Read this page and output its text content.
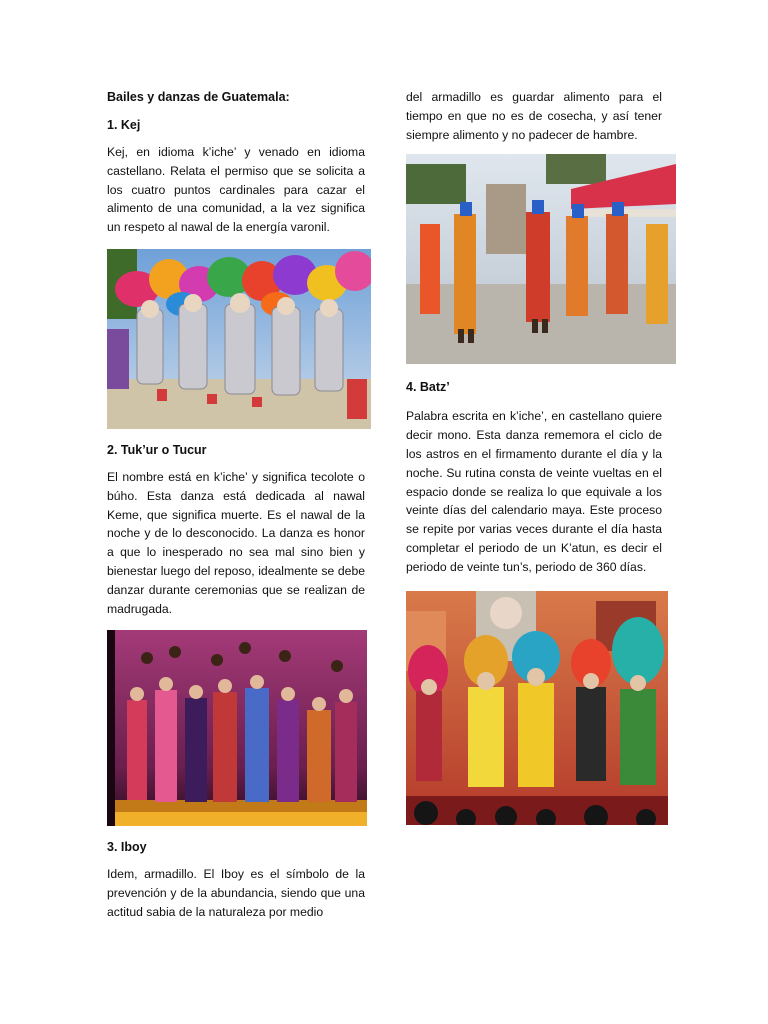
Bailes y danzas de Guatemala:
1. Kej

Kej, en idioma k’iche’ y venado en idioma castellano. Relata el permiso que se solicita a los cuatro puntos cardinales para cazar el alimento de una comunidad, a la vez significa un respeto al nawal de la energía varonil.

2. Tuk’ur o Tucur

El nombre está en k’iche’ y significa tecolote o búho. Esta danza está dedicada al nawal Keme, que significa muerte. Es el nawal de la noche y de lo desconocido. La danza es honor a que lo inesperado no sea mal sino bien y bienestar luego del reposo, idealmente se debe danzar durante ceremonias que se realizan de madrugada.

3. Iboy

Idem, armadillo. El Iboy es el símbolo de la prevención y de la abundancia, siendo que una actitud sabia de la naturaleza por medio

del armadillo es guardar alimento para el tiempo en que no es de cosecha, y así tener siempre alimento y no padecer de hambre.

4. Batz’

Palabra escrita en k’iche’, en castellano quiere decir mono. Esta danza rememora el ciclo de los astros en el firmamento durante el día y la noche. Su rutina consta de veinte vueltas en el espacio donde se realiza lo que equivale a los veinte días del calendario maya. Este proceso se repite por varias veces durante el día hasta completar el periodo de un K’atun, es decir el periodo de veinte tun’s, periodo de 360 días.
